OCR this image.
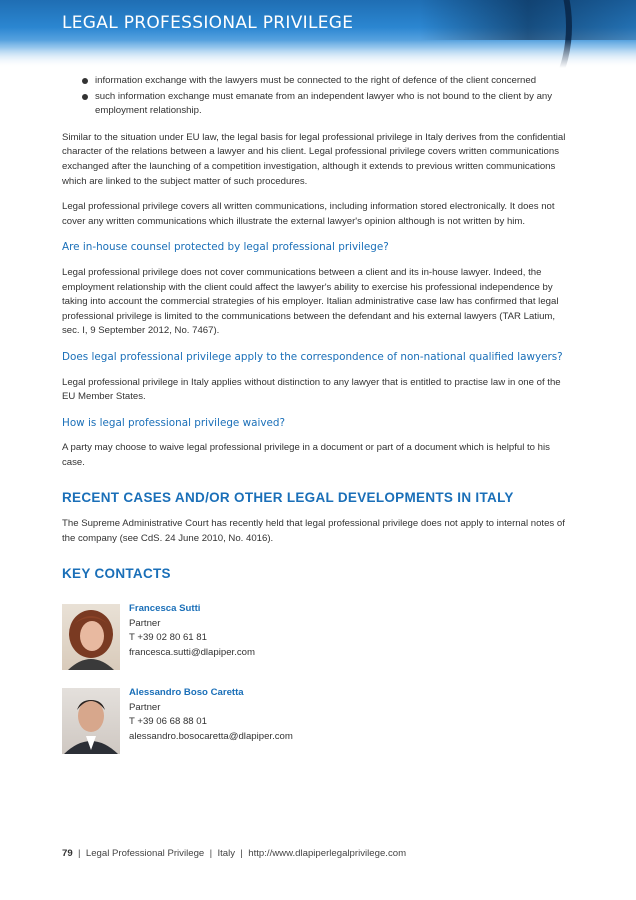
LEGAL PROFESSIONAL PRIVILEGE
information exchange with the lawyers must be connected to the right of defence of the client concerned
such information exchange must emanate from an independent lawyer who is not bound to the client by any employment relationship.

Similar to the situation under EU law, the legal basis for legal professional privilege in Italy derives from the confidential character of the relations between a lawyer and his client. Legal professional privilege covers written communications exchanged after the launching of a competition investigation, although it extends to previous written communications which are linked to the subject matter of such procedures.

Legal professional privilege covers all written communications, including information stored electronically. It does not cover any written communications which illustrate the external lawyer's opinion although is not written by him.

Are in-house counsel protected by legal professional privilege?

Legal professional privilege does not cover communications between a client and its in-house lawyer. Indeed, the employment relationship with the client could affect the lawyer's ability to exercise his professional independence by taking into account the commercial strategies of his employer. Italian administrative case law has confirmed that legal professional privilege is limited to the communications between the defendant and his external lawyers (TAR Latium, sec. I, 9 September 2012, No. 7467).

Does legal professional privilege apply to the correspondence of non-national qualified lawyers?

Legal professional privilege in Italy applies without distinction to any lawyer that is entitled to practise law in one of the EU Member States.

How is legal professional privilege waived?

A party may choose to waive legal professional privilege in a document or part of a document which is helpful to his case.

RECENT CASES AND/OR OTHER LEGAL DEVELOPMENTS IN ITALY

The Supreme Administrative Court has recently held that legal professional privilege does not apply to internal notes of the company (see CdS. 24 June 2010, No. 4016).

KEY CONTACTS

Francesca Sutti
Partner
T +39 02 80 61 81
francesca.sutti@dlapiper.com
Alessandro Boso Caretta
Partner
T +39 06 68 88 01
alessandro.bosocaretta@dlapiper.com
79 | Legal Professional Privilege | Italy | http://www.dlapiperlegalprivilege.com
